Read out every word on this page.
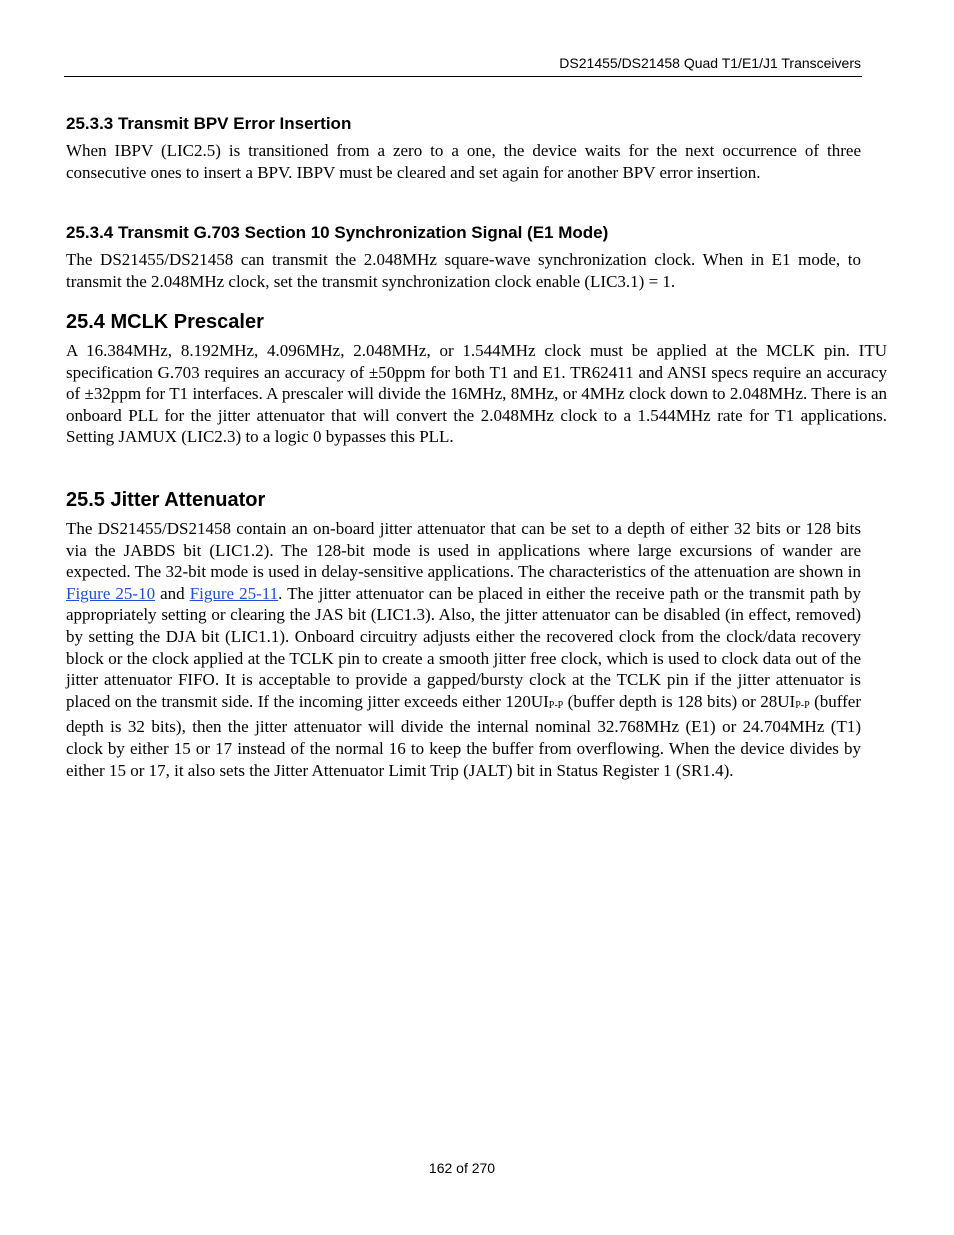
DS21455/DS21458 Quad T1/E1/J1 Transceivers
25.3.3 Transmit BPV Error Insertion

When IBPV (LIC2.5) is transitioned from a zero to a one, the device waits for the next occurrence of three consecutive ones to insert a BPV. IBPV must be cleared and set again for another BPV error insertion.

25.3.4 Transmit G.703 Section 10 Synchronization Signal (E1 Mode)

The DS21455/DS21458 can transmit the 2.048MHz square-wave synchronization clock. When in E1 mode, to transmit the 2.048MHz clock, set the transmit synchronization clock enable (LIC3.1) = 1.

25.4 MCLK Prescaler

A 16.384MHz, 8.192MHz, 4.096MHz, 2.048MHz, or 1.544MHz clock must be applied at the MCLK pin. ITU specification G.703 requires an accuracy of ±50ppm for both T1 and E1. TR62411 and ANSI specs require an accuracy of ±32ppm for T1 interfaces. A prescaler will divide the 16MHz, 8MHz, or 4MHz clock down to 2.048MHz. There is an onboard PLL for the jitter attenuator that will convert the 2.048MHz clock to a 1.544MHz rate for T1 applications. Setting JAMUX (LIC2.3) to a logic 0 bypasses this PLL.

25.5 Jitter Attenuator

The DS21455/DS21458 contain an on-board jitter attenuator that can be set to a depth of either 32 bits or 128 bits via the JABDS bit (LIC1.2). The 128-bit mode is used in applications where large excursions of wander are expected. The 32-bit mode is used in delay-sensitive applications. The characteristics of the attenuation are shown in Figure 25-10 and Figure 25-11. The jitter attenuator can be placed in either the receive path or the transmit path by appropriately setting or clearing the JAS bit (LIC1.3). Also, the jitter attenuator can be disabled (in effect, removed) by setting the DJA bit (LIC1.1). Onboard circuitry adjusts either the recovered clock from the clock/data recovery block or the clock applied at the TCLK pin to create a smooth jitter free clock, which is used to clock data out of the jitter attenuator FIFO. It is acceptable to provide a gapped/bursty clock at the TCLK pin if the jitter attenuator is placed on the transmit side. If the incoming jitter exceeds either $120UI_{P-P}$ (buffer depth is 128 bits) or $28UI_{P-P}$ (buffer depth is 32 bits), then the jitter attenuator will divide the internal nominal 32.768MHz (E1) or 24.704MHz (T1) clock by either 15 or 17 instead of the normal 16 to keep the buffer from overflowing. When the device divides by either 15 or 17, it also sets the Jitter Attenuator Limit Trip (JALT) bit in Status Register 1 (SR1.4).

162 of 270
